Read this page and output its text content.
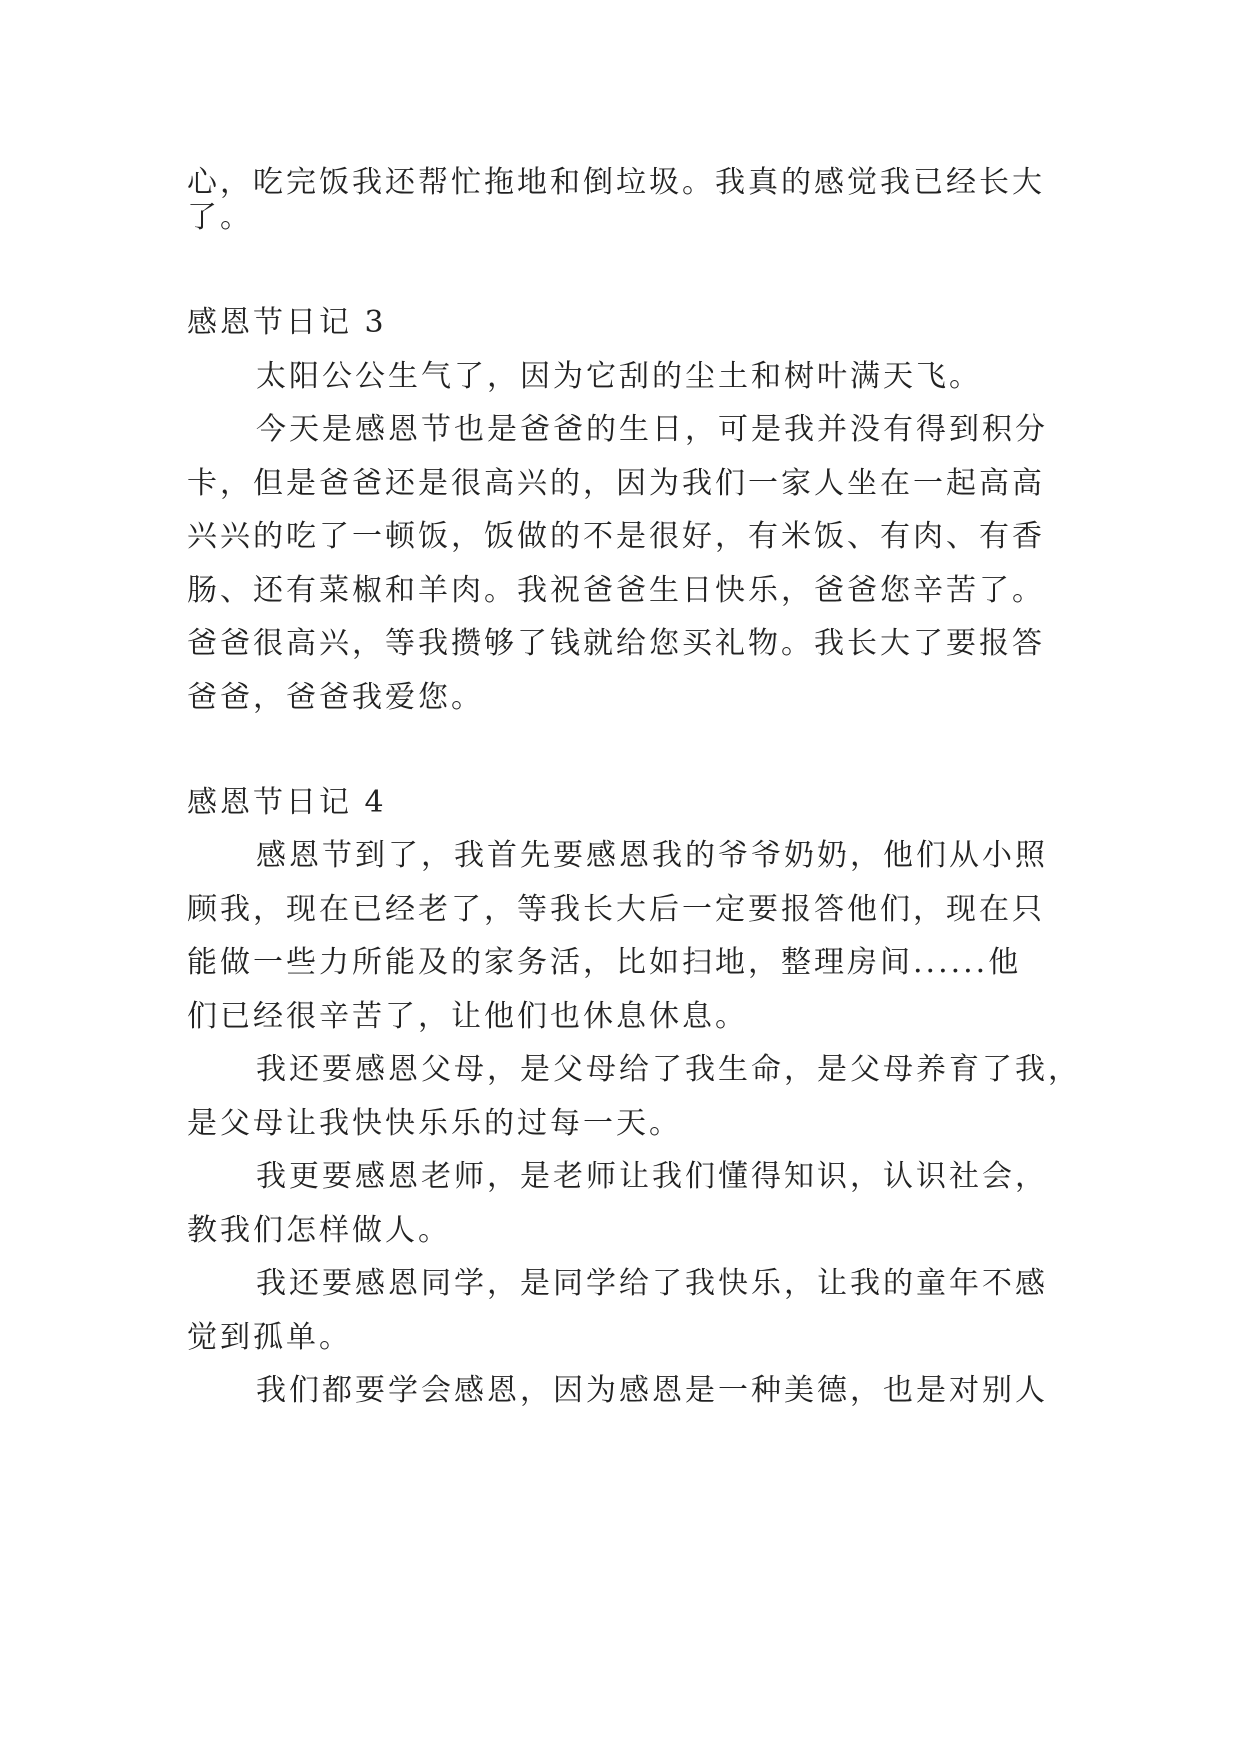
心，吃完饭我还帮忙拖地和倒垃圾。我真的感觉我已经长大
了。
感恩节日记 3
太阳公公生气了，因为它刮的尘土和树叶满天飞。
今天是感恩节也是爸爸的生日，可是我并没有得到积分
卡，但是爸爸还是很高兴的，因为我们一家人坐在一起高高
兴兴的吃了一顿饭，饭做的不是很好，有米饭、有肉、有香
肠、还有菜椒和羊肉。我祝爸爸生日快乐，爸爸您辛苦了。
爸爸很高兴，等我攒够了钱就给您买礼物。我长大了要报答
爸爸，爸爸我爱您。
感恩节日记 4
感恩节到了，我首先要感恩我的爷爷奶奶，他们从小照
顾我，现在已经老了，等我长大后一定要报答他们，现在只
能做一些力所能及的家务活，比如扫地，整理房间......他
们已经很辛苦了，让他们也休息休息。
我还要感恩父母，是父母给了我生命，是父母养育了我，
是父母让我快快乐乐的过每一天。
我更要感恩老师，是老师让我们懂得知识，认识社会，
教我们怎样做人。
我还要感恩同学，是同学给了我快乐，让我的童年不感
觉到孤单。
我们都要学会感恩，因为感恩是一种美德，也是对别人
